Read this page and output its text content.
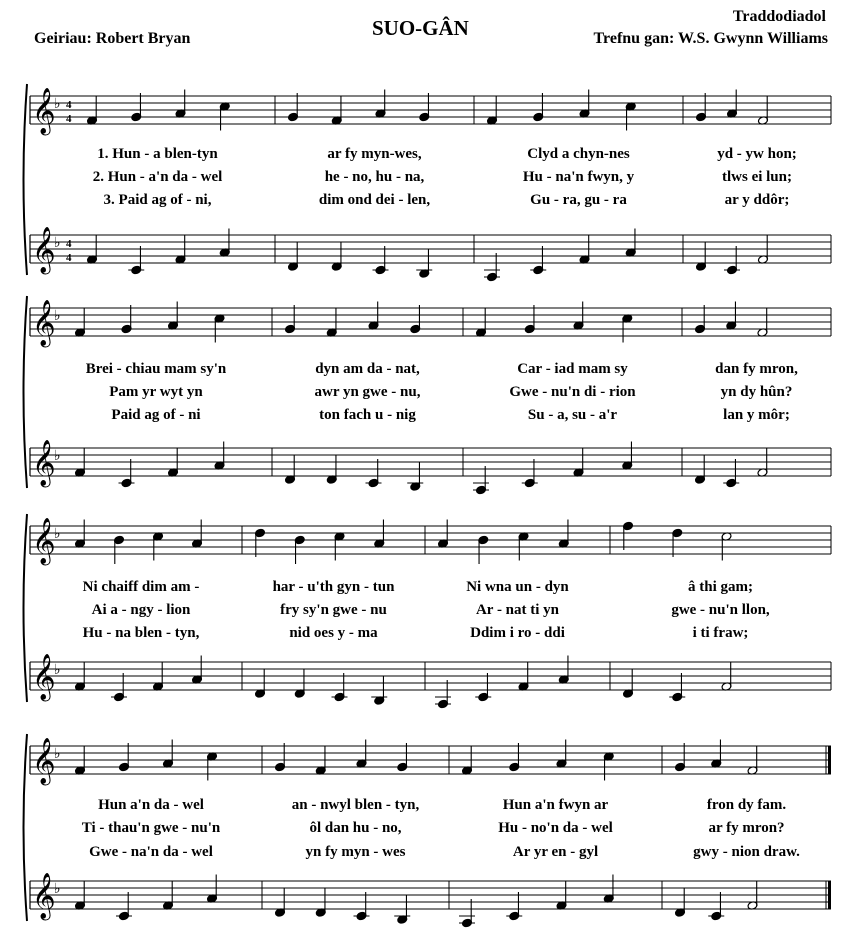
SUO-GÂN
Geiriau: Robert Bryan
Traddodiadol
Trefnu gan: W.S. Gwynn Williams
𝄞
♭ 4
4
𝄞
♭ 4
4
1. Hun - a blen-tyn	ar fy myn-wes,	Clyd a chyn-nes	yd - yw hon;
2. Hun - a'n da - wel	he - no, hu - na,	Hu - na'n fwyn, y	tlws ei lun;
3. Paid ag of - ni,	dim ond dei - len,	Gu - ra, gu - ra	ar y ddôr;
𝄞
♭
𝄞
♭
Brei - chiau mam sy'n	dyn am da - nat,	Car - iad mam sy	dan fy mron,
Pam yr wyt yn	awr yn gwe - nu,	Gwe - nu'n di - rion	yn dy hûn?
Paid ag of - ni	ton fach u - nig	Su - a, su - a'r	lan y môr;
𝄞
♭
𝄞
♭
Ni chaiff dim am -	har - u'th gyn - tun	Ni wna un - dyn	â thi gam;
Ai a - ngy - lion	fry sy'n gwe - nu	Ar - nat ti yn	gwe - nu'n llon,
Hu - na blen - tyn,	nid oes y - ma	Ddim i ro - ddi	i ti fraw;
𝄞
♭
𝄞
♭
Hun a'n da - wel	an - nwyl blen - tyn,	Hun a'n fwyn ar	fron dy fam.
Ti - thau'n gwe - nu'n	ôl dan hu - no,	Hu - no'n da - wel	ar fy mron?
Gwe - na'n da - wel	yn fy myn - wes	Ar yr en - gyl	gwy - nion draw.
